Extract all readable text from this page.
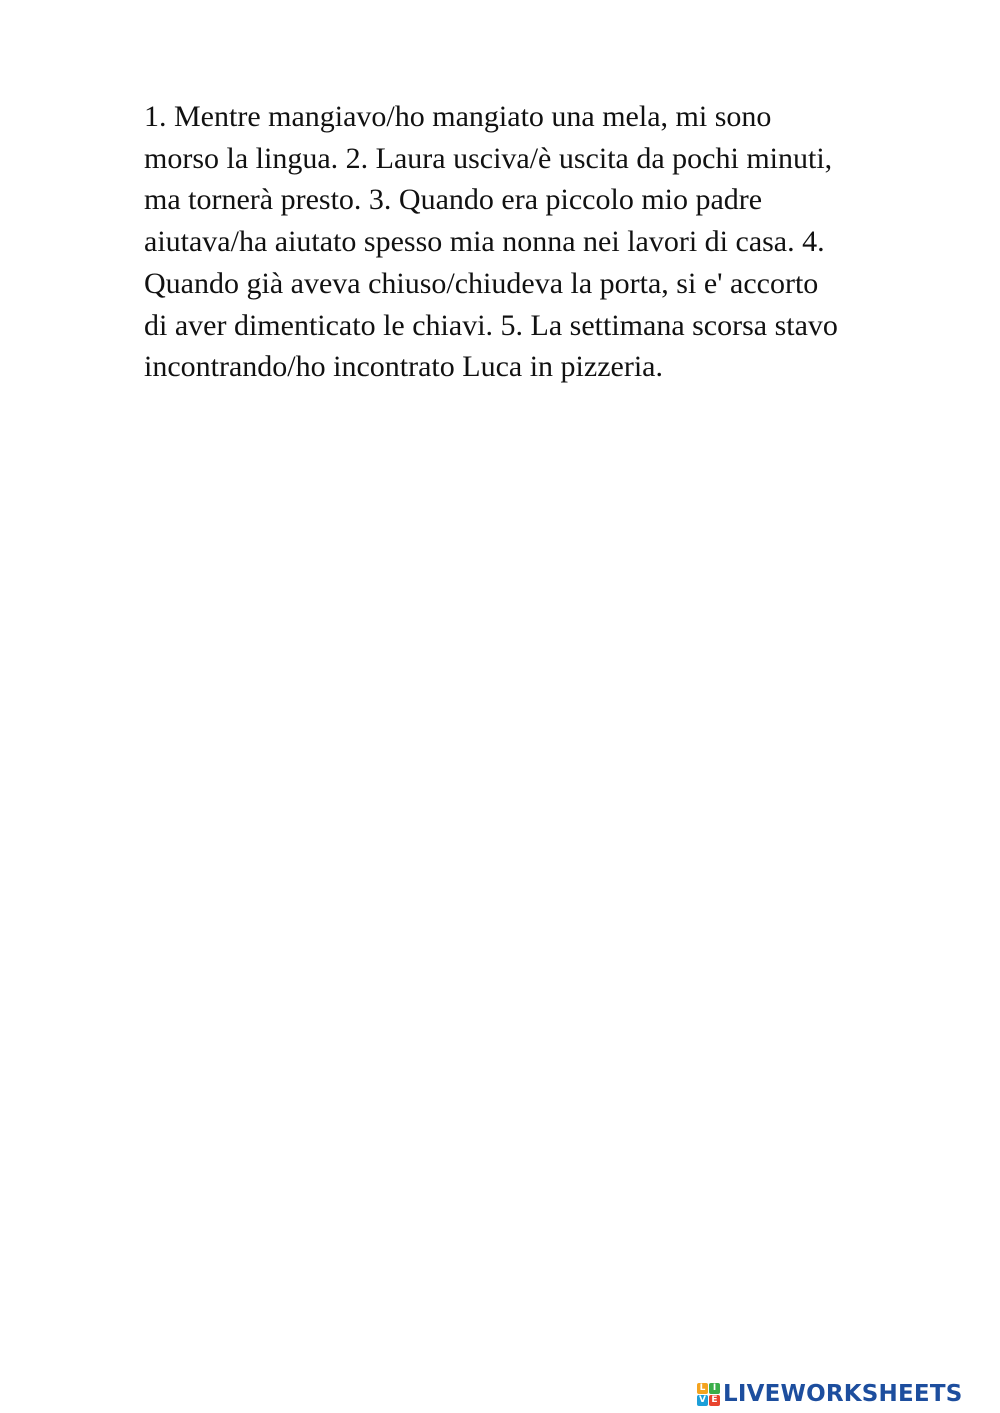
1. Mentre mangiavo/ho mangiato una mela, mi sono
morso la lingua. 2. Laura usciva/è uscita da pochi minuti,
ma tornerà presto. 3. Quando era piccolo mio padre
aiutava/ha aiutato spesso mia nonna nei lavori di casa. 4.
Quando già aveva chiuso/chiudeva la porta, si e' accorto
di aver dimenticato le chiavi. 5. La settimana scorsa stavo
incontrando/ho incontrato Luca in pizzeria.
L I
V E LIVEWORKSHEETS
